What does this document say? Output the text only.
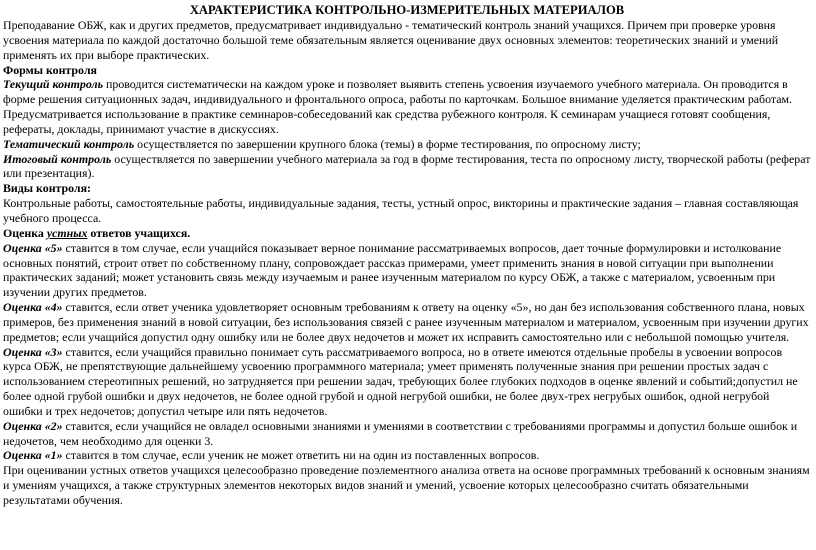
ХАРАКТЕРИСТИКА КОНТРОЛЬНО-ИЗМЕРИТЕЛЬНЫХ МАТЕРИАЛОВ

Преподавание ОБЖ, как и других предметов, предусматривает индивидуально - тематический контроль знаний учащихся. Причем при проверке уровня усвоения материала по каждой достаточно большой теме обязательным является оценивание двух основных элементов: теоретических знаний и умений применять их при выборе практических.

Формы контроля

Текущий контроль проводится систематически на каждом уроке и позволяет выявить степень усвоения изучаемого учебного материала. Он проводится в форме решения ситуационных задач, индивидуального и фронтального опроса, работы по карточкам. Большое внимание уделяется практическим работам. Предусматривается использование в практике семинаров-собеседований как средства рубежного контроля. К семинарам учащиеся готовят сообщения, рефераты, доклады, принимают участие в дискуссиях.

Тематический контроль осуществляется по завершении крупного блока (темы) в форме тестирования, по опросному листу;

Итоговый контроль осуществляется по завершении учебного материала за год в форме тестирования, теста по опросному листу, творческой работы (реферат или презентация).

Виды контроля:

Контрольные работы, самостоятельные работы, индивидуальные задания, тесты, устный опрос, викторины и практические задания – главная составляющая учебного процесса.

Оценка устных ответов учащихся.

Оценка «5» ставится в том случае, если учащийся показывает верное понимание рассматриваемых вопросов, дает точные формулировки и истолкование основных понятий, строит ответ по собственному плану, сопровождает рассказ примерами, умеет применить знания в новой ситуации при выполнении практических заданий; может установить связь между изучаемым и ранее изученным материалом по курсу ОБЖ, а также с материалом, усвоенным при изучении других предметов.

Оценка «4» ставится, если ответ ученика удовлетворяет основным требованиям к ответу на оценку «5», но дан без использования собственного плана, новых примеров, без применения знаний в новой ситуации, без использования связей с ранее изученным материалом и материалом, усвоенным при изучении других предметов; если учащийся допустил одну ошибку или не более двух недочетов и может их исправить самостоятельно или с небольшой помощью учителя.

Оценка «3» ставится, если учащийся правильно понимает суть рассматриваемого вопроса, но в ответе имеются отдельные пробелы в усвоении вопросов курса ОБЖ, не препятствующие дальнейшему усвоению программного материала; умеет применять полученные знания при решении простых задач с использованием стереотипных решений, но затрудняется при решении задач, требующих более глубоких подходов в оценке явлений и событий;допустил не более одной грубой ошибки и двух недочетов, не более одной грубой и одной негрубой ошибки, не более двух-трех негрубых ошибок, одной негрубой ошибки и трех недочетов; допустил четыре или пять недочетов.

Оценка «2» ставится, если учащийся не овладел основными знаниями и умениями в соответствии с требованиями программы и допустил больше ошибок и недочетов, чем необходимо для оценки 3.

Оценка «1» ставится в том случае, если ученик не может ответить ни на один из поставленных вопросов.

При оценивании устных ответов учащихся целесообразно проведение поэлементного анализа ответа на основе программных требований к основным знаниям и умениям учащихся, а также структурных элементов некоторых видов знаний и умений, усвоение которых целесообразно считать обязательными результатами обучения.
